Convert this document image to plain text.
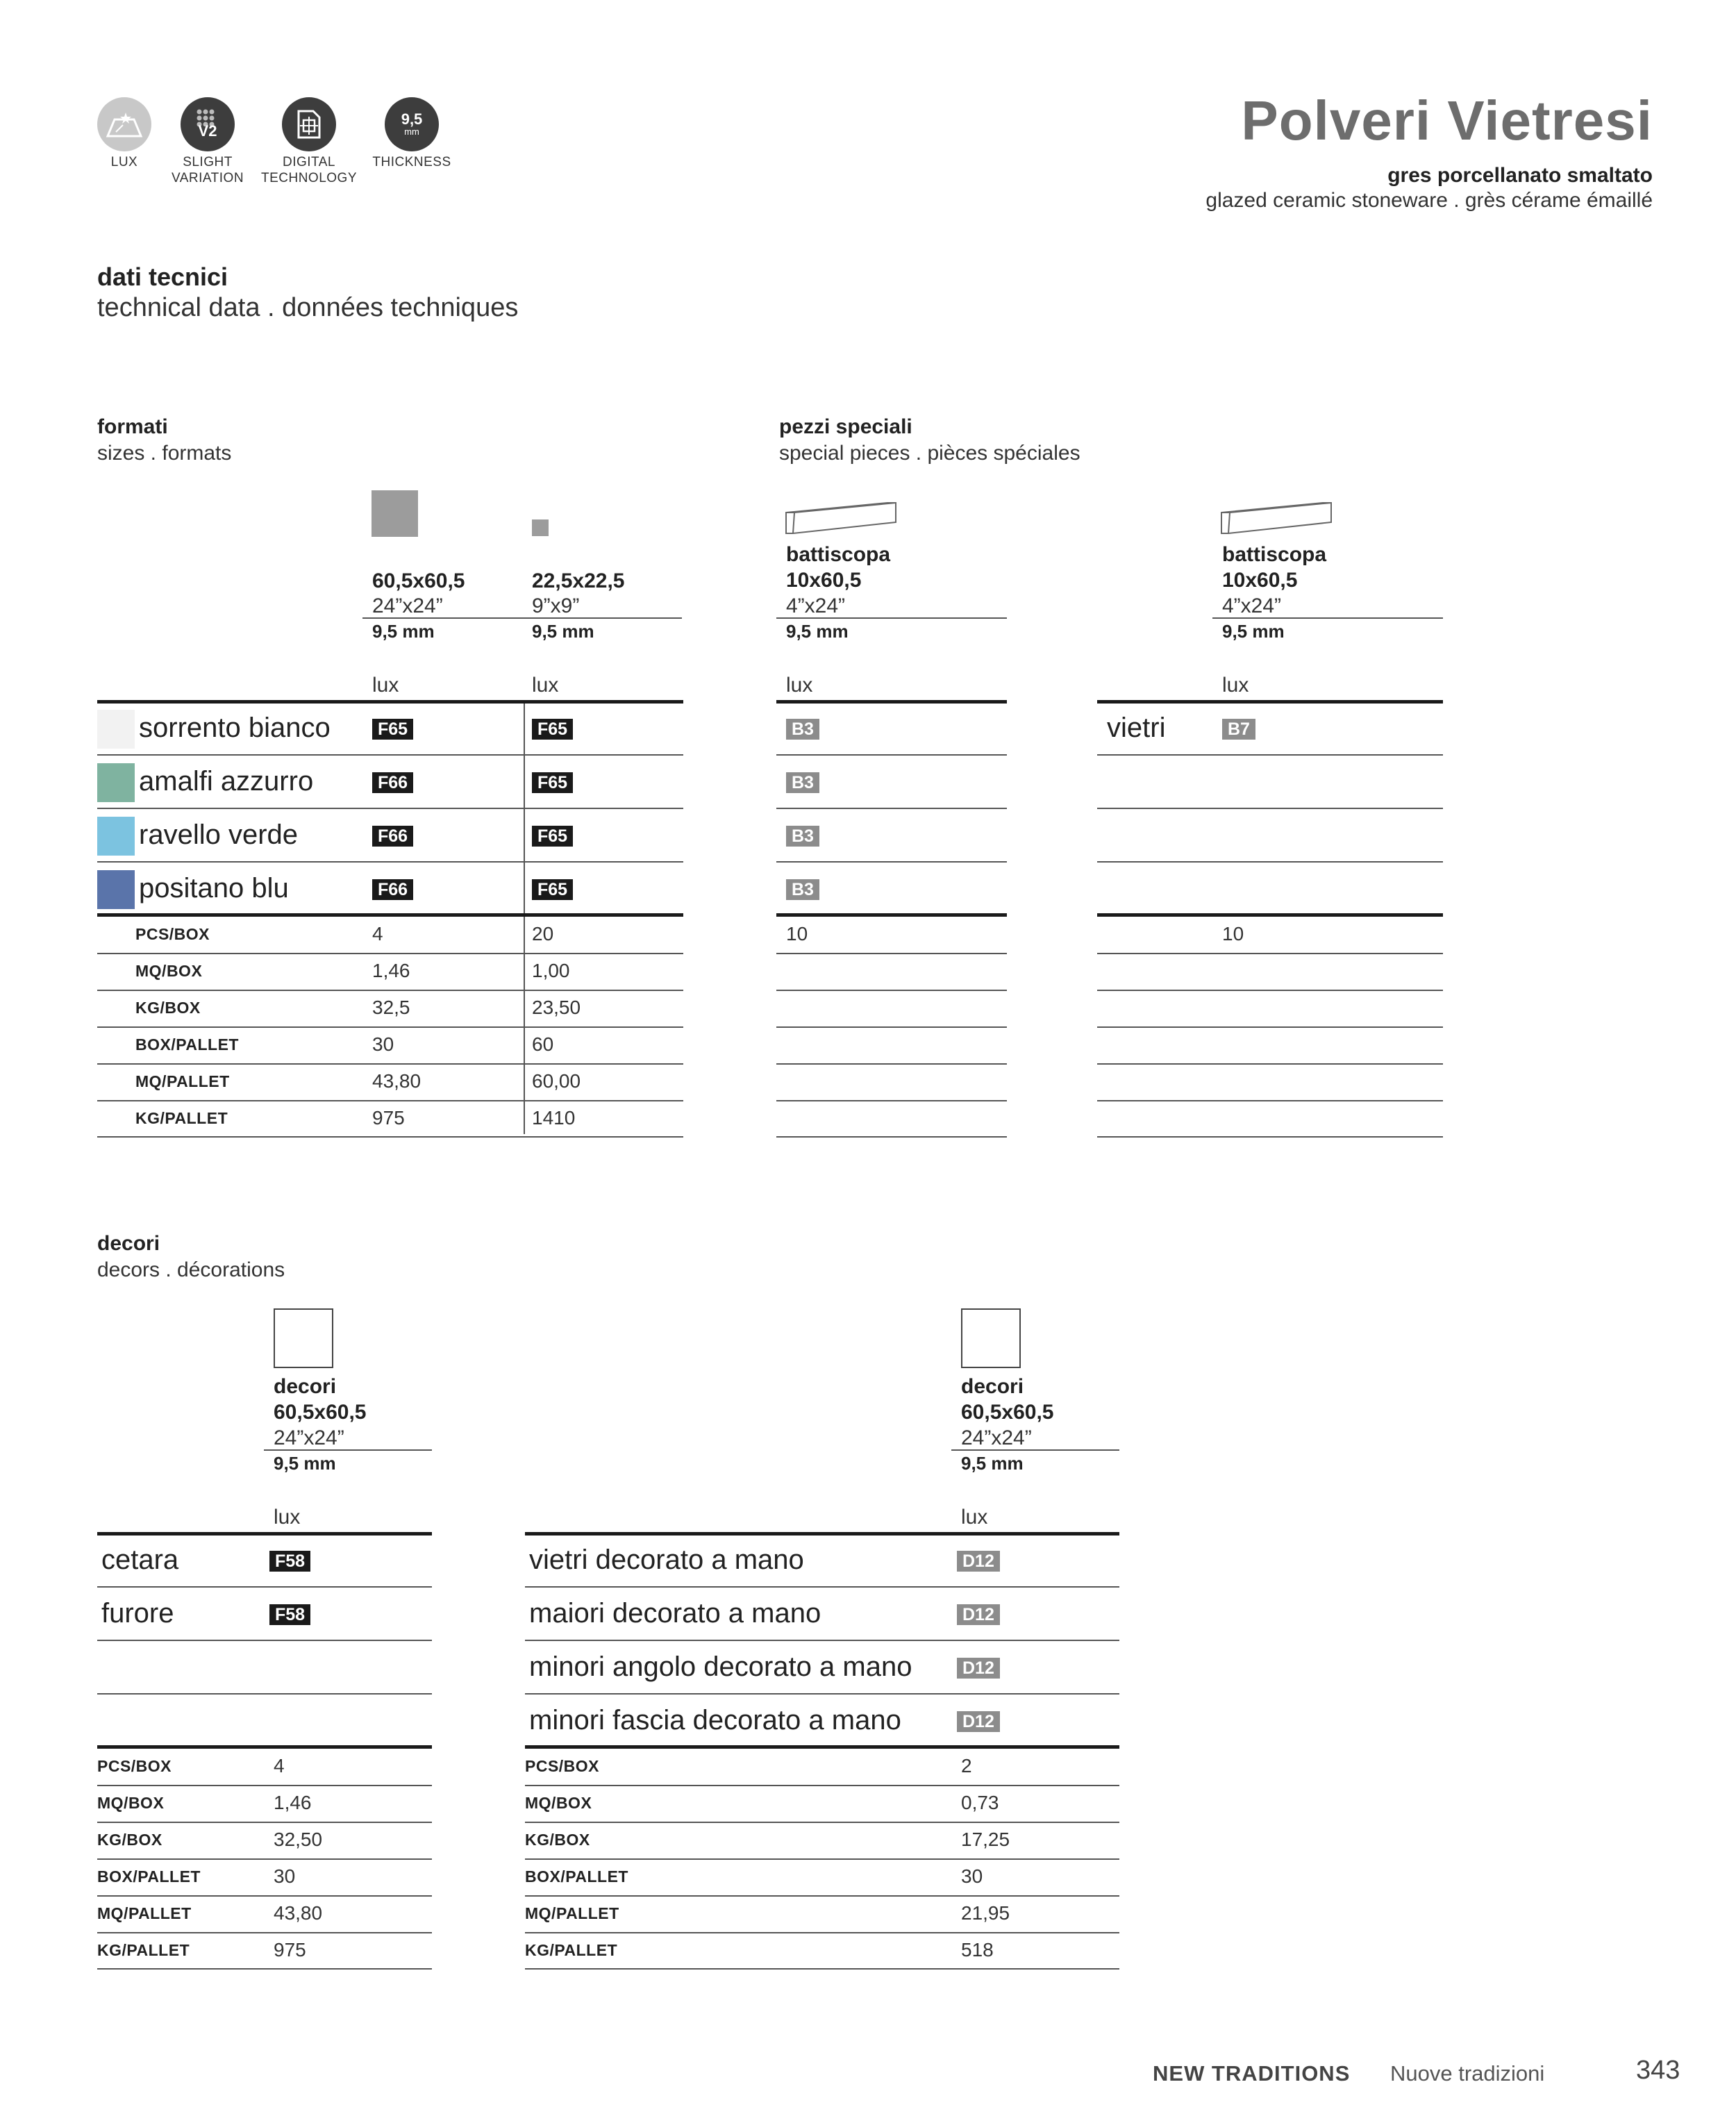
LUX
V2
SLIGHT
VARIATION
DIGITAL
TECHNOLOGY
9,5
mm
THICKNESS
Polveri Vietresi
gres porcellanato smaltato
glazed ceramic stoneware . grès cérame émaillé
dati tecnici
technical data . données techniques
formati
sizes . formats
60,5x60,5
24”x24”
22,5x22,5
9”x9”
9,5 mm	9,5 mm
lux	lux
sorrento bianco	F65	F65
amalfi azzurro	F66	F65
ravello verde	F66	F65
positano blu	F66	F65
PCS/BOX	4	20
MQ/BOX	1,46	1,00
KG/BOX	32,5	23,50
BOX/PALLET	30	60
MQ/PALLET	43,80	60,00
KG/PALLET	975	1410
pezzi speciali
special pieces . pièces spéciales
battiscopa
10x60,5
4”x24”
9,5 mm
lux
battiscopa
10x60,5
4”x24”
9,5 mm
lux
B3
B3
B3
B3
10
vietri	B7
10
decori
decors . décorations
decori
60,5x60,5
24”x24”
9,5 mm
lux
decori
60,5x60,5
24”x24”
9,5 mm
lux
cetara	F58
furore	F58
PCS/BOX	4
MQ/BOX	1,46
KG/BOX	32,50
BOX/PALLET	30
MQ/PALLET	43,80
KG/PALLET	975
vietri decorato a mano	D12
maiori decorato a mano	D12
minori angolo decorato a mano	D12
minori fascia decorato a mano	D12
PCS/BOX	2
MQ/BOX	0,73
KG/BOX	17,25
BOX/PALLET	30
MQ/PALLET	21,95
KG/PALLET	518
NEW TRADITIONS Nuove tradizioni	343
